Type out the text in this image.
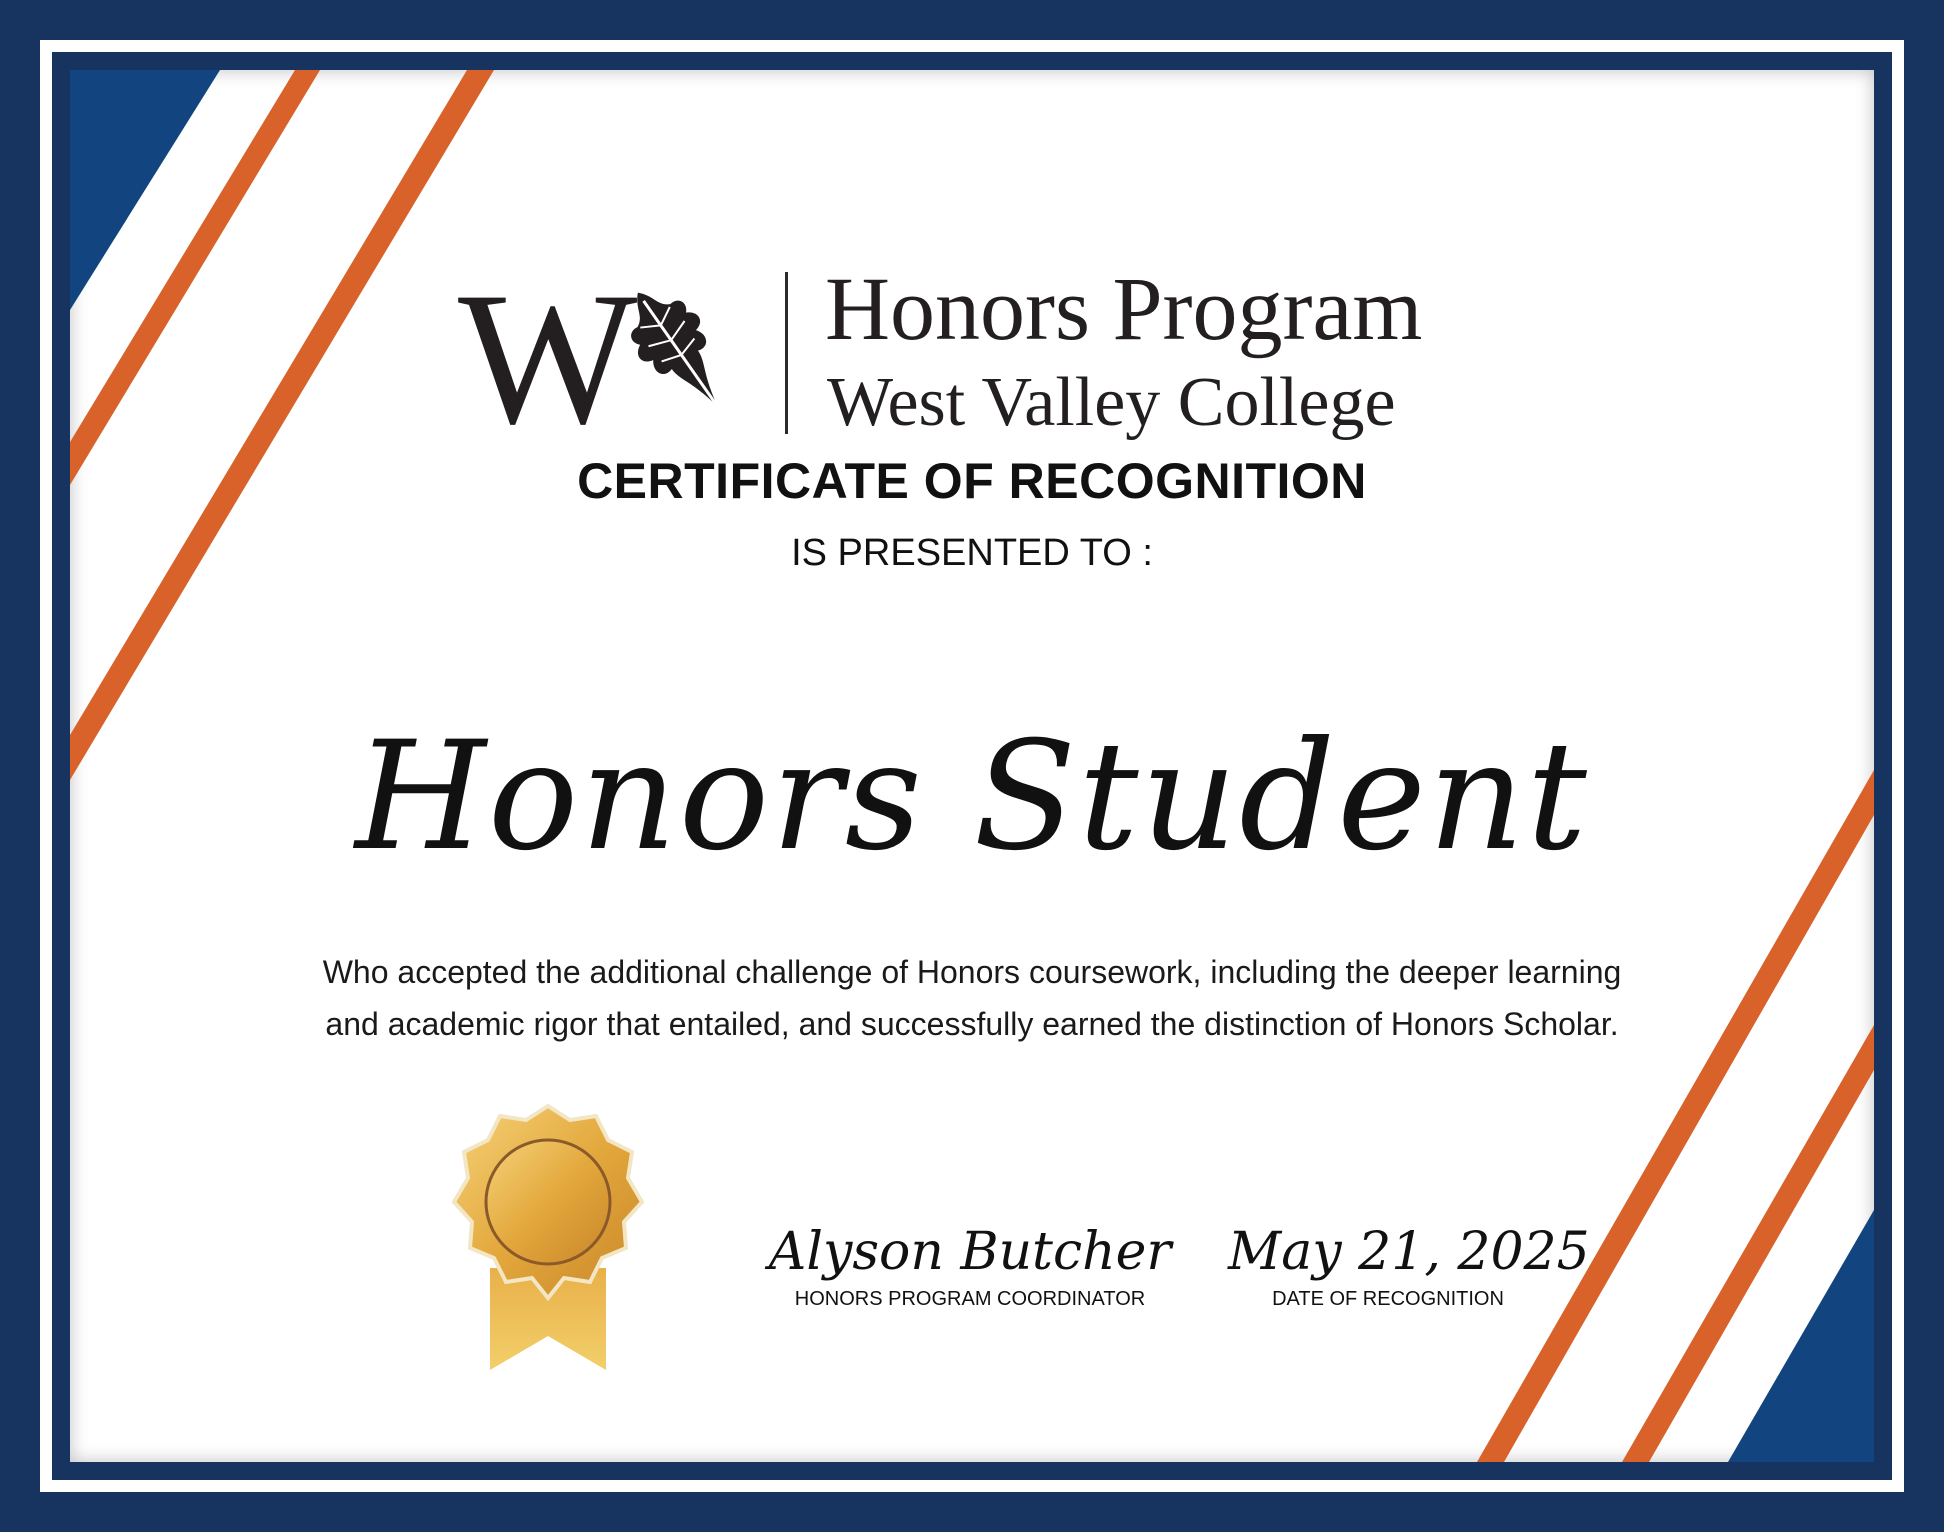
W Honors Program
West Valley College
CERTIFICATE OF RECOGNITION
IS PRESENTED TO :
Honors Student
Who accepted the additional challenge of Honors coursework, including the deeper learning and academic rigor that entailed, and successfully earned the distinction of Honors Scholar.
Alyson Butcher
HONORS PROGRAM COORDINATOR
May 21, 2025
DATE OF RECOGNITION
